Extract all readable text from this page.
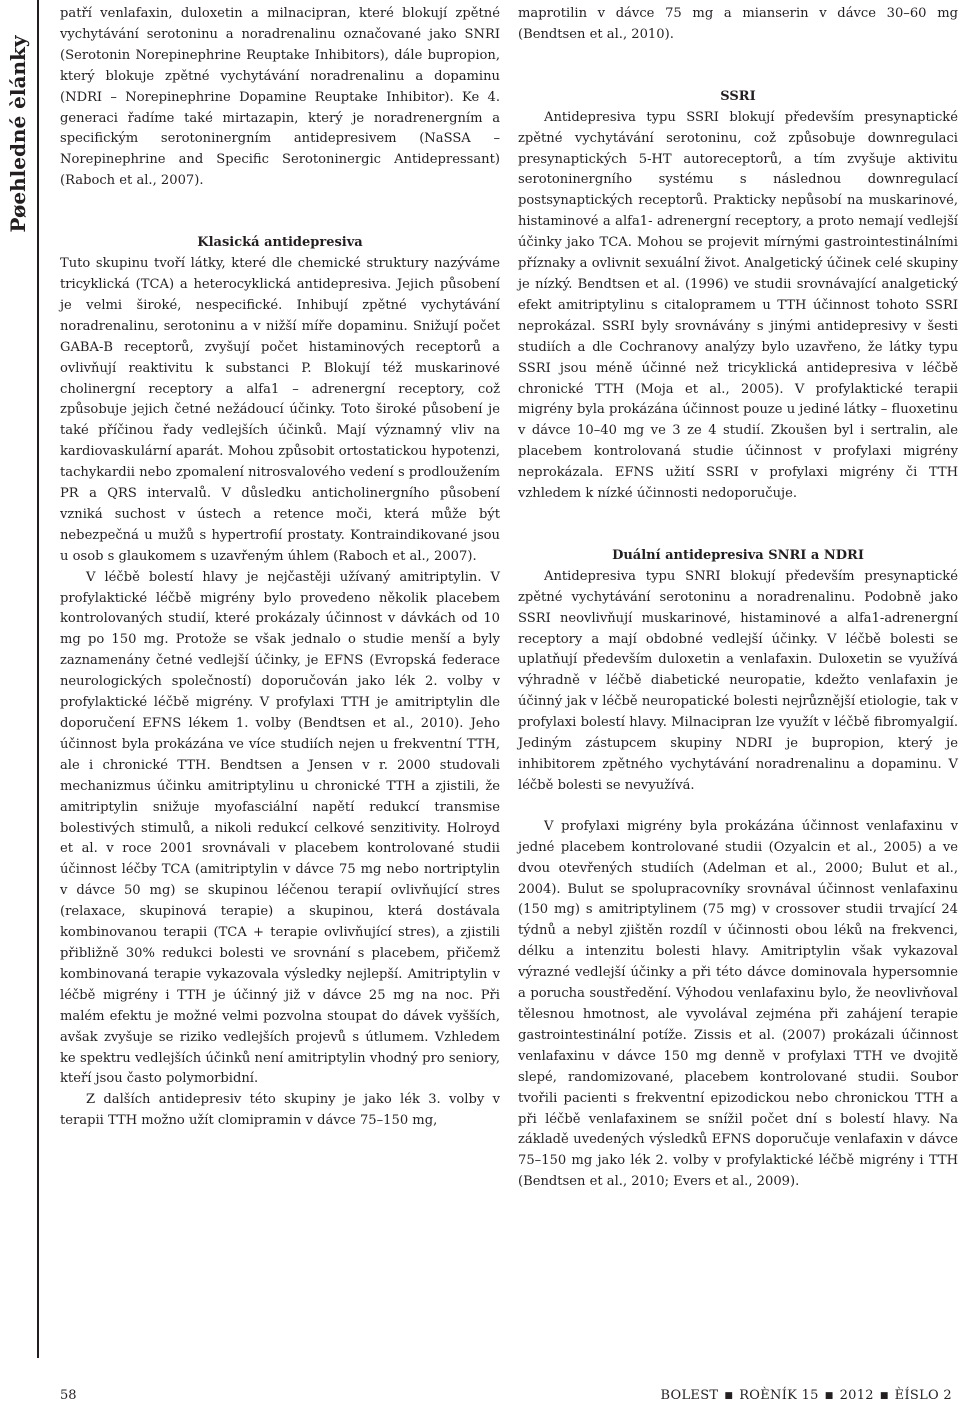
Pøehledné èlánky

patří venlafaxin, duloxetin a milnacipran, které blokují zpětné vychytávání serotoninu a noradrenalinu označované jako SNRI (Serotonin Norepinephrine Reuptake Inhibitors), dále bupropion, který blokuje zpětné vychytávání noradrenalinu a dopaminu (NDRI – Norepinephrine Dopamine Reuptake Inhibitor). Ke 4. generaci řadíme také mirtazapin, který je noradrenergním a specifickým serotoninergním antidepresivem (NaSSA – Norepinephrine and Specific Serotoninergic Antidepressant) (Raboch et al., 2007).

Klasická antidepresiva

Tuto skupinu tvoří látky, které dle chemické struktury nazýváme tricyklická (TCA) a heterocyklická antidepresiva. Jejich působení je velmi široké, nespecifické. Inhibují zpětné vychytávání noradrenalinu, serotoninu a v nižší míře dopaminu. Snižují počet GABA-B receptorů, zvyšují počet histaminových receptorů a ovlivňují reaktivitu k substanci P. Blokují též muskarinové cholinergní receptory a alfa1 – adrenergní receptory, což způsobuje jejich četné nežádoucí účinky. Toto široké působení je také příčinou řady vedlejších účinků. Mají významný vliv na kardiovaskulární aparát. Mohou způsobit ortostatickou hypotenzi, tachykardii nebo zpomalení nitrosvalového vedení s prodloužením PR a QRS intervalů. V důsledku anticholinergního působení vzniká suchost v ústech a retence moči, která může být nebezpečná u mužů s hypertrofií prostaty. Kontraindikované jsou u osob s glaukomem s uzavřeným úhlem (Raboch et al., 2007).

V léčbě bolestí hlavy je nejčastěji užívaný amitriptylin. V profylaktické léčbě migrény bylo provedeno několik placebem kontrolovaných studií, které prokázaly účinnost v dávkách od 10 mg po 150 mg. Protože se však jednalo o studie menší a byly zaznamenány četné vedlejší účinky, je EFNS (Evropská federace neurologických společností) doporučován jako lék 2. volby v profylaktické léčbě migrény. V profylaxi TTH je amitriptylin dle doporučení EFNS lékem 1. volby (Bendtsen et al., 2010). Jeho účinnost byla prokázána ve více studiích nejen u frekventní TTH, ale i chronické TTH. Bendtsen a Jensen v r. 2000 studovali mechanizmus účinku amitriptylinu u chronické TTH a zjistili, že amitriptylin snižuje myofasciální napětí redukcí transmise bolestivých stimulů, a nikoli redukcí celkové senzitivity. Holroyd et al. v roce 2001 srovnávali v placebem kontrolované studii účinnost léčby TCA (amitriptylin v dávce 75 mg nebo nortriptylin v dávce 50 mg) se skupinou léčenou terapií ovlivňující stres (relaxace, skupinová terapie) a skupinou, která dostávala kombinovanou terapii (TCA + terapie ovlivňující stres), a zjistili přibližně 30% redukci bolesti ve srovnání s placebem, přičemž kombinovaná terapie vykazovala výsledky nejlepší. Amitriptylin v léčbě migrény i TTH je účinný již v dávce 25 mg na noc. Při malém efektu je možné velmi pozvolna stoupat do dávek vyšších, avšak zvyšuje se riziko vedlejších projevů s útlumem. Vzhledem ke spektru vedlejších účinků není amitriptylin vhodný pro seniory, kteří jsou často polymorbidní.

Z dalších antidepresiv této skupiny je jako lék 3. volby v terapii TTH možno užít clomipramin v dávce 75–150 mg,

maprotilin v dávce 75 mg a mianserin v dávce 30–60 mg (Bendtsen et al., 2010).

SSRI

Antidepresiva typu SSRI blokují především presynaptické zpětné vychytávání serotoninu, což způsobuje downregulaci presynaptických 5-HT autoreceptorů, a tím zvyšuje aktivitu serotoninergního systému s následnou downregulací postsynaptických receptorů. Prakticky nepůsobí na muskarinové, histaminové a alfa1- adrenergní receptory, a proto nemají vedlejší účinky jako TCA. Mohou se projevit mírnými gastrointestinálními příznaky a ovlivnit sexuální život. Analgetický účinek celé skupiny je nízký. Bendtsen et al. (1996) ve studii srovnávající analgetický efekt amitriptylinu s citalopramem u TTH účinnost tohoto SSRI neprokázal. SSRI byly srovnávány s jinými antidepresivy v šesti studiích a dle Cochranovy analýzy bylo uzavřeno, že látky typu SSRI jsou méně účinné než tricyklická antidepresiva v léčbě chronické TTH (Moja et al., 2005). V profylaktické terapii migrény byla prokázána účinnost pouze u jediné látky – fluoxetinu v dávce 10–40 mg ve 3 ze 4 studií. Zkoušen byl i sertralin, ale placebem kontrolovaná studie účinnost v profylaxi migrény neprokázala. EFNS užití SSRI v profylaxi migrény či TTH vzhledem k nízké účinnosti nedoporučuje.

Duální antidepresiva SNRI a NDRI

Antidepresiva typu SNRI blokují především presynaptické zpětné vychytávání serotoninu a noradrenalinu. Podobně jako SSRI neovlivňují muskarinové, histaminové a alfa1-adrenergní receptory a mají obdobné vedlejší účinky. V léčbě bolesti se uplatňují především duloxetin a venlafaxin. Duloxetin se využívá výhradně v léčbě diabetické neuropatie, kdežto venlafaxin je účinný jak v léčbě neuropatické bolesti nejrůznější etiologie, tak v profylaxi bolestí hlavy. Milnacipran lze využít v léčbě fibromyalgií. Jediným zástupcem skupiny NDRI je bupropion, který je inhibitorem zpětného vychytávání noradrenalinu a dopaminu. V léčbě bolesti se nevyužívá.

V profylaxi migrény byla prokázána účinnost venlafaxinu v jedné placebem kontrolované studii (Ozyalcin et al., 2005) a ve dvou otevřených studiích (Adelman et al., 2000; Bulut et al., 2004). Bulut se spolupracovníky srovnával účinnost venlafaxinu (150 mg) s amitriptylinem (75 mg) v crossover studii trvající 24 týdnů a nebyl zjištěn rozdíl v účinnosti obou léků na frekvenci, délku a intenzitu bolesti hlavy. Amitriptylin však vykazoval výrazné vedlejší účinky a při této dávce dominovala hypersomnie a porucha soustředění. Výhodou venlafaxinu bylo, že neovlivňoval tělesnou hmotnost, ale vyvolával zejména při zahájení terapie gastrointestinální potíže. Zissis et al. (2007) prokázali účinnost venlafaxinu v dávce 150 mg denně v profylaxi TTH ve dvojitě slepé, randomizované, placebem kontrolované studii. Soubor tvořili pacienti s frekventní epizodickou nebo chronickou TTH a při léčbě venlafaxinem se snížil počet dní s bolestí hlavy. Na základě uvedených výsledků EFNS doporučuje venlafaxin v dávce 75–150 mg jako lék 2. volby v profylaktické léčbě migrény i TTH (Bendtsen et al., 2010; Evers et al., 2009).

58	BOLEST ■ ROÈNÍK 15 ■ 2012 ■ ÈÍSLO 2
